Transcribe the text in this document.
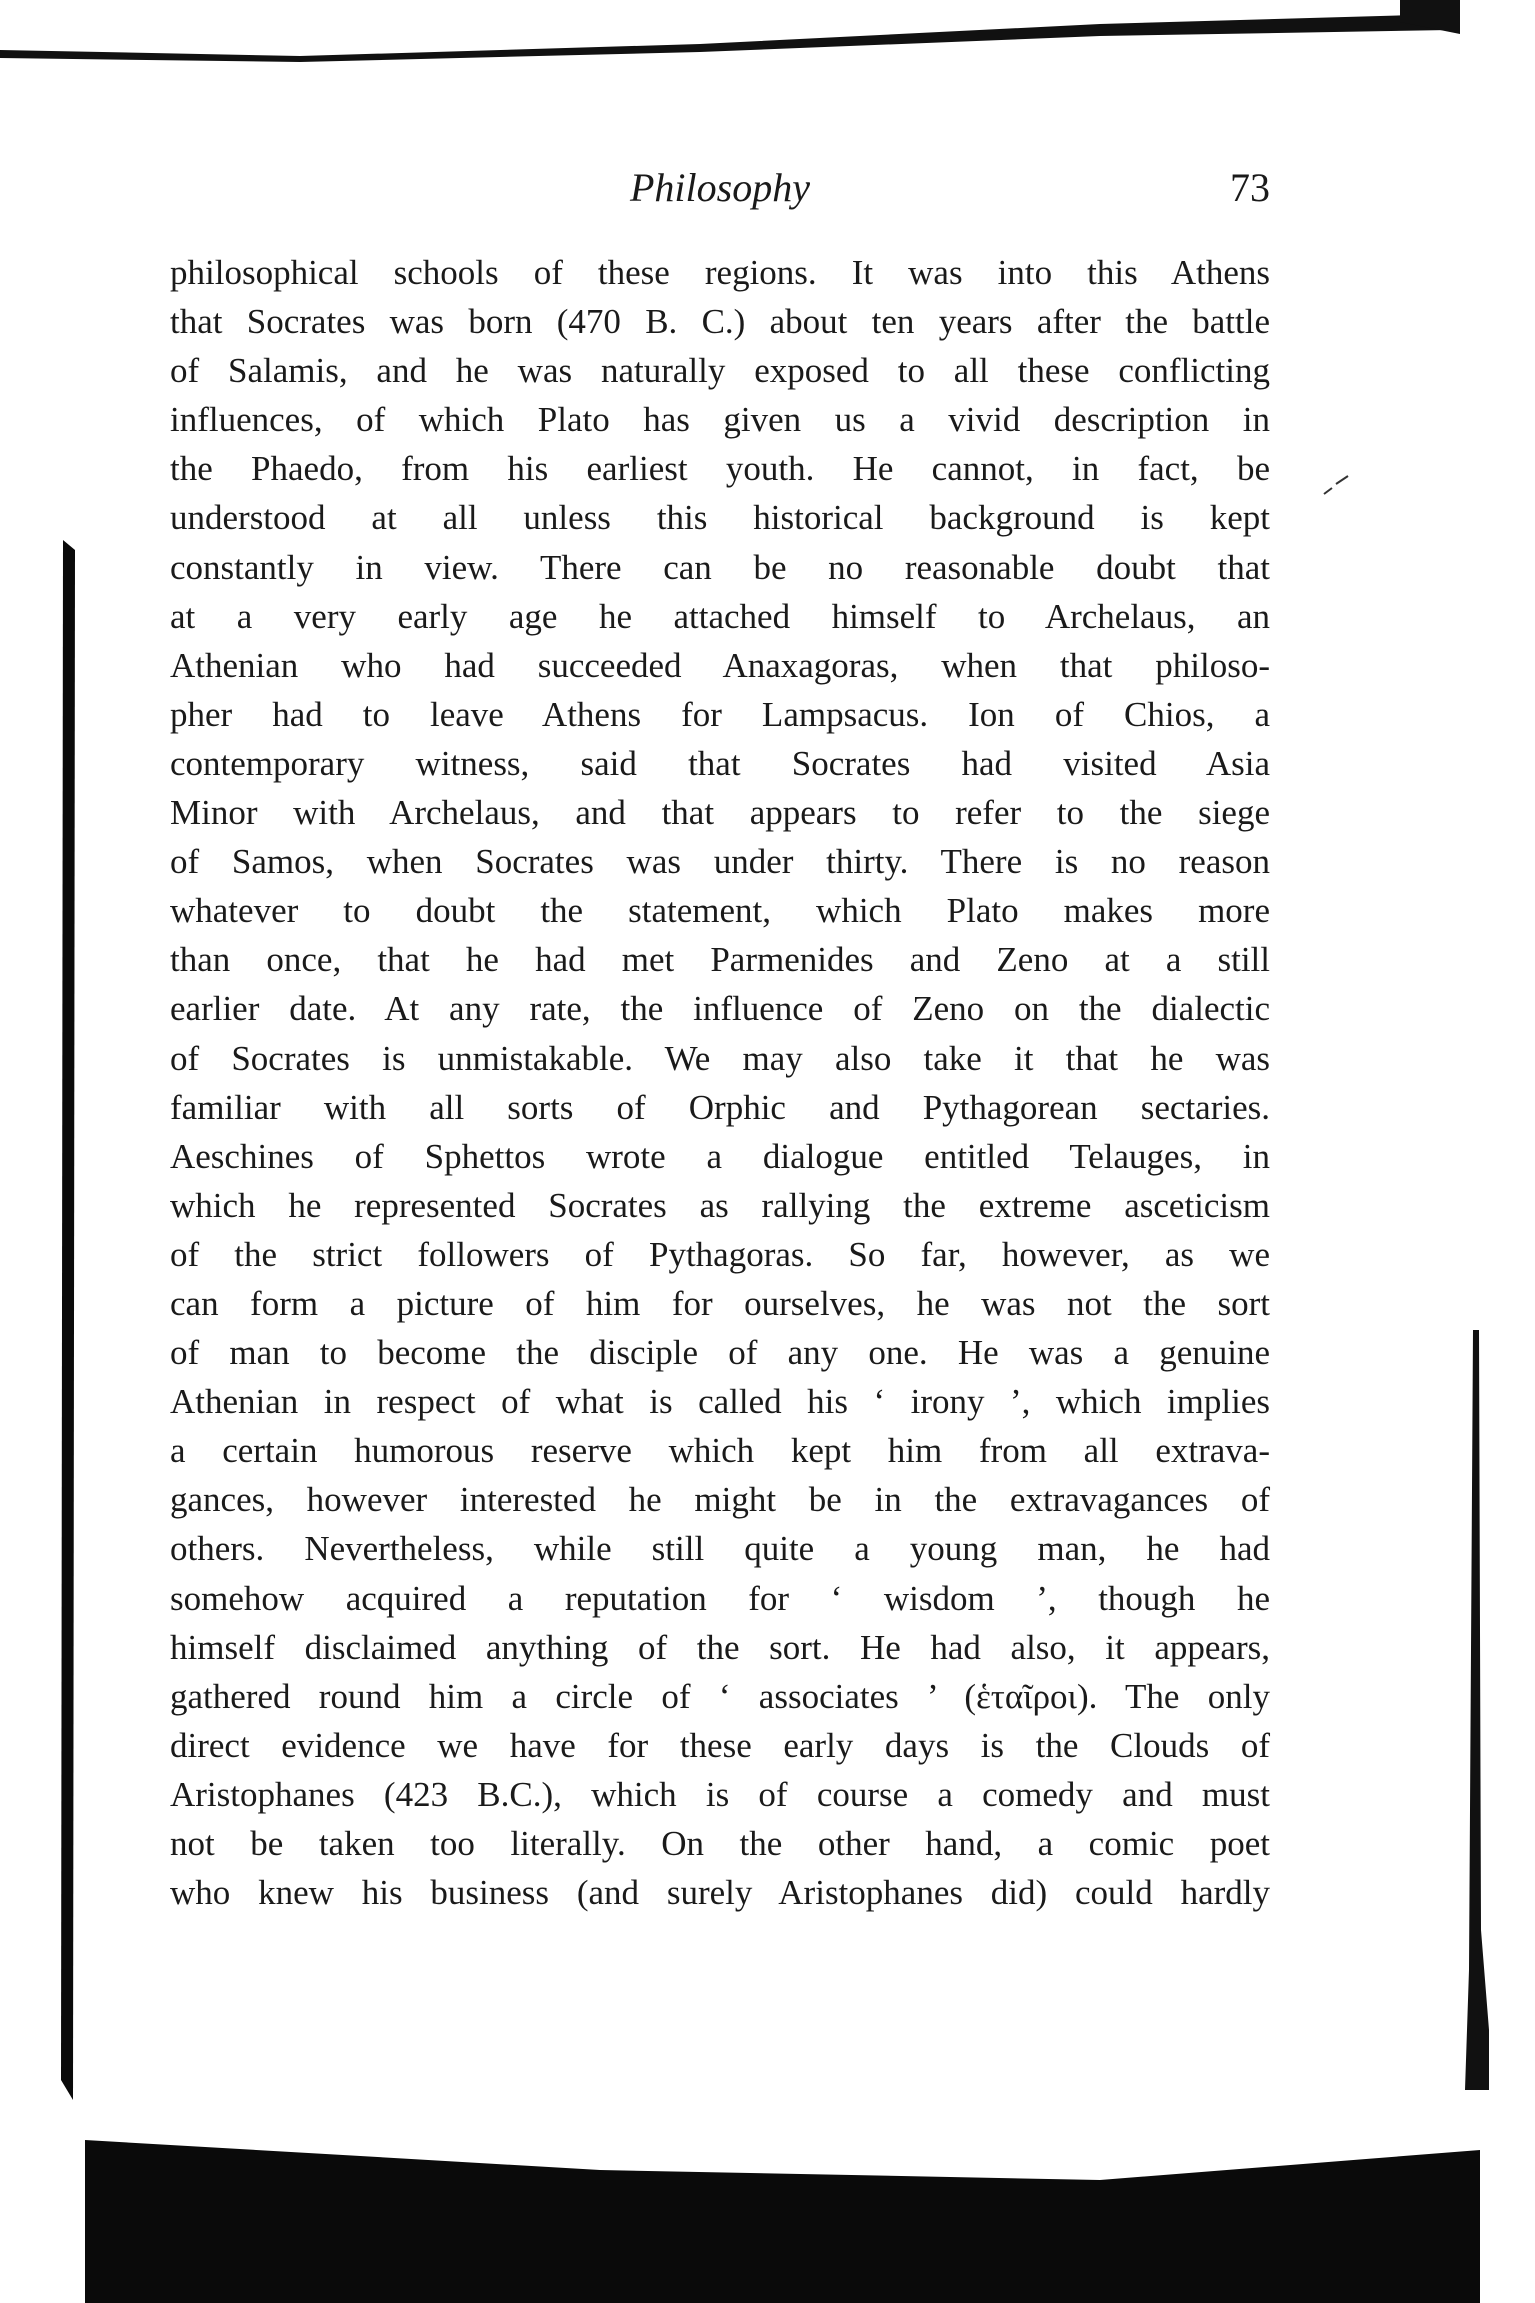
Philosophy	73
philosophical schools of these regions. It was into this Athens
that Socrates was born (470 B. C.) about ten years after the battle
of Salamis, and he was naturally exposed to all these conflicting
influences, of which Plato has given us a vivid description in
the Phaedo, from his earliest youth. He cannot, in fact, be
understood at all unless this historical background is kept
constantly in view. There can be no reasonable doubt that
at a very early age he attached himself to Archelaus, an
Athenian who had succeeded Anaxagoras, when that philoso-
pher had to leave Athens for Lampsacus. Ion of Chios, a
contemporary witness, said that Socrates had visited Asia
Minor with Archelaus, and that appears to refer to the siege
of Samos, when Socrates was under thirty. There is no reason
whatever to doubt the statement, which Plato makes more
than once, that he had met Parmenides and Zeno at a still
earlier date. At any rate, the influence of Zeno on the dialectic
of Socrates is unmistakable. We may also take it that he was
familiar with all sorts of Orphic and Pythagorean sectaries.
Aeschines of Sphettos wrote a dialogue entitled Telauges, in
which he represented Socrates as rallying the extreme asceticism
of the strict followers of Pythagoras. So far, however, as we
can form a picture of him for ourselves, he was not the sort
of man to become the disciple of any one. He was a genuine
Athenian in respect of what is called his ‘ irony ’, which implies
a certain humorous reserve which kept him from all extrava-
gances, however interested he might be in the extravagances of
others. Nevertheless, while still quite a young man, he had
somehow acquired a reputation for ‘ wisdom ’, though he
himself disclaimed anything of the sort. He had also, it appears,
gathered round him a circle of ‘ associates ’ (ἑταῖροι). The only
direct evidence we have for these early days is the Clouds of
Aristophanes (423 B.C.), which is of course a comedy and must
not be taken too literally. On the other hand, a comic poet
who knew his business (and surely Aristophanes did) could hardly
